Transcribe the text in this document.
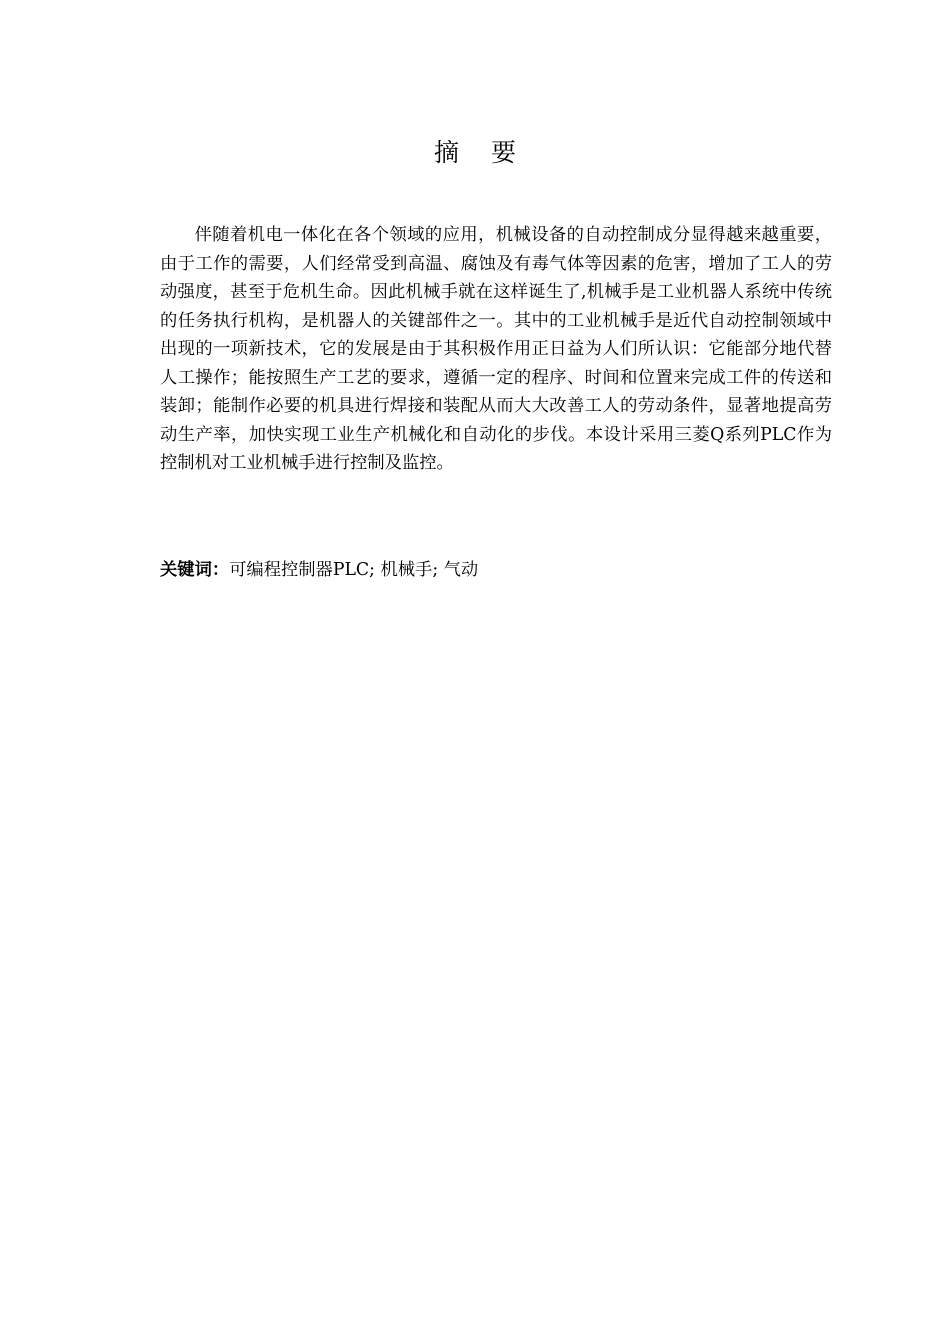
摘 要

伴随着机电一体化在各个领域的应用，机械设备的自动控制成分显得越来越重要，由于工作的需要，人们经常受到高温、腐蚀及有毒气体等因素的危害，增加了工人的劳动强度，甚至于危机生命。因此机械手就在这样诞生了,机械手是工业机器人系统中传统的任务执行机构，是机器人的关键部件之一。其中的工业机械手是近代自动控制领域中出现的一项新技术，它的发展是由于其积极作用正日益为人们所认识：它能部分地代替人工操作；能按照生产工艺的要求，遵循一定的程序、时间和位置来完成工件的传送和装卸；能制作必要的机具进行焊接和装配从而大大改善工人的劳动条件，显著地提高劳动生产率，加快实现工业生产机械化和自动化的步伐。本设计采用三菱Q系列PLC作为控制机对工业机械手进行控制及监控。

关键词：可编程控制器PLC; 机械手; 气动
